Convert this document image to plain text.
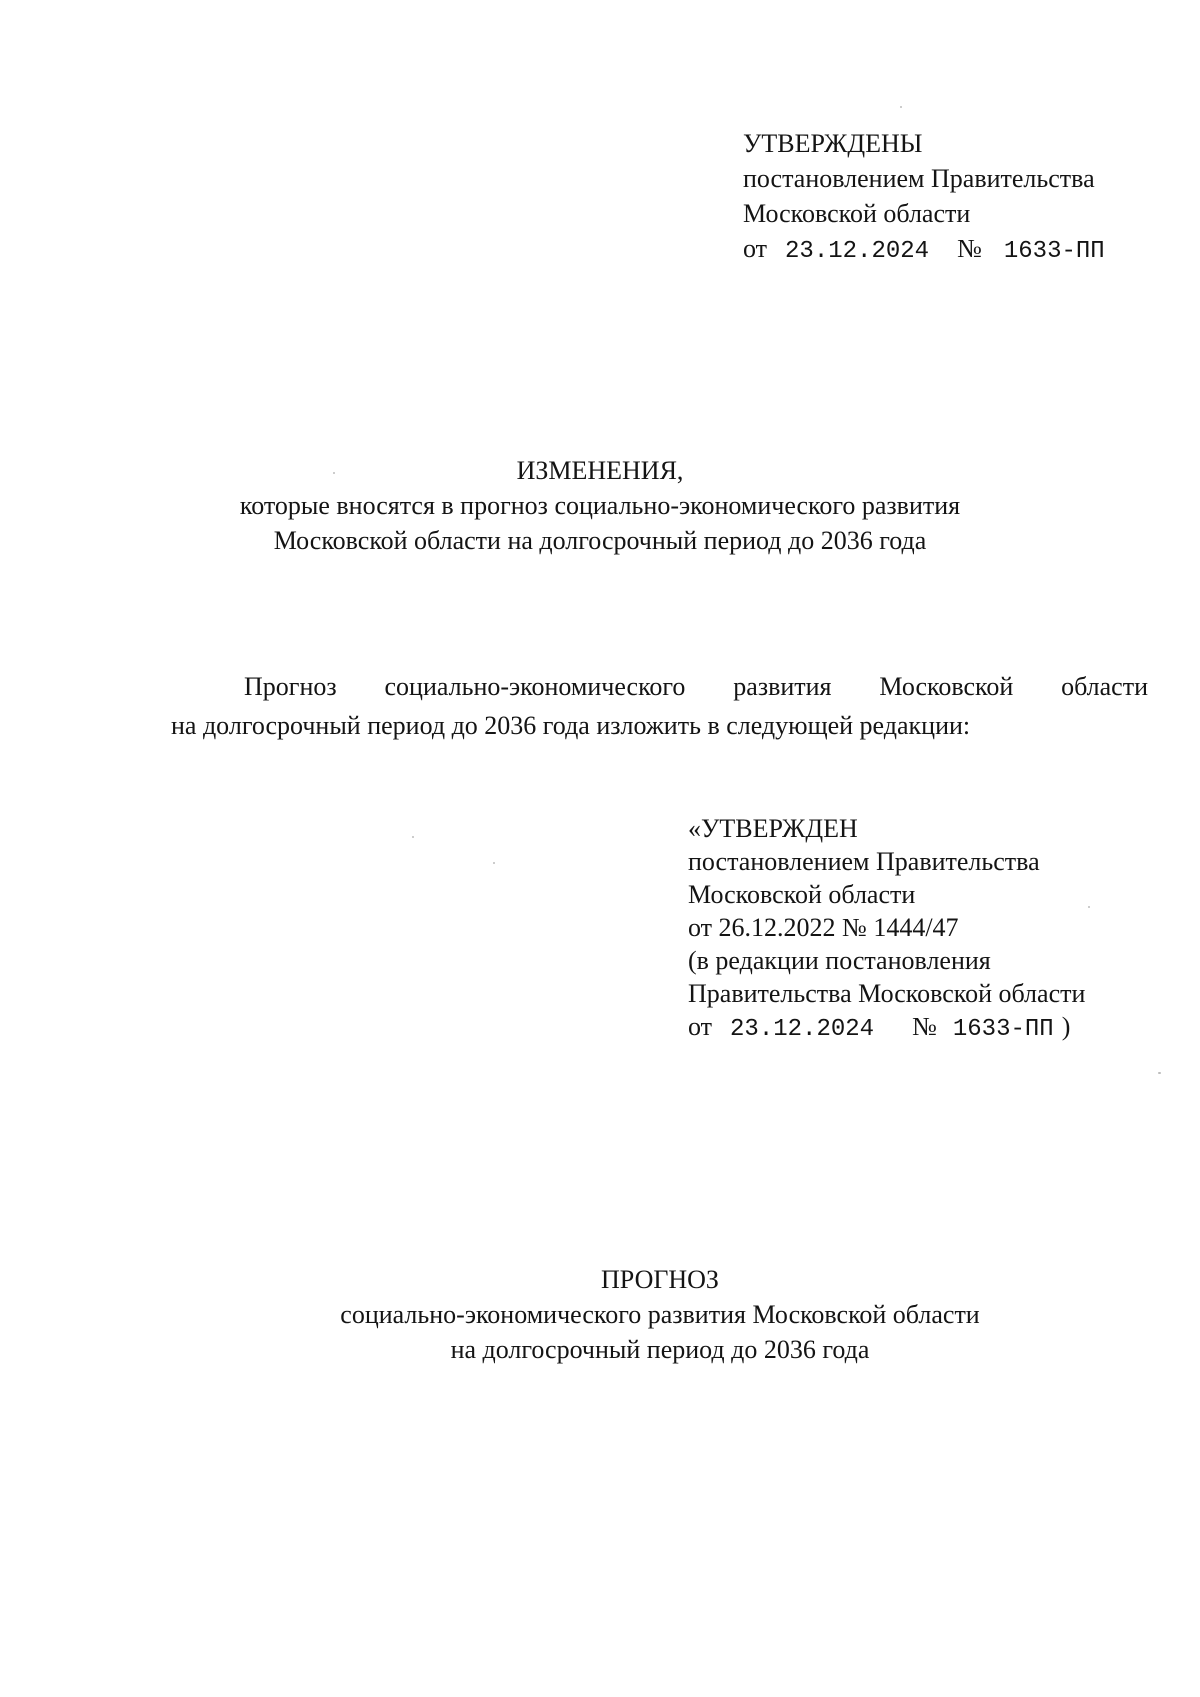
УТВЕРЖДЕНЫ
постановлением Правительства
Московской области
от 23.12.2024 № 1633-ПП
ИЗМЕНЕНИЯ,
которые вносятся в прогноз социально-экономического развития
Московской области на долгосрочный период до 2036 года
Прогноз социально-экономического развития Московской области
на долгосрочный период до 2036 года изложить в следующей редакции:
«УТВЕРЖДЕН
постановлением Правительства
Московской области
от 26.12.2022 № 1444/47
(в редакции постановления
Правительства Московской области
от 23.12.2024 № 1633-ПП )
ПРОГНОЗ
социально-экономического развития Московской области
на долгосрочный период до 2036 года
